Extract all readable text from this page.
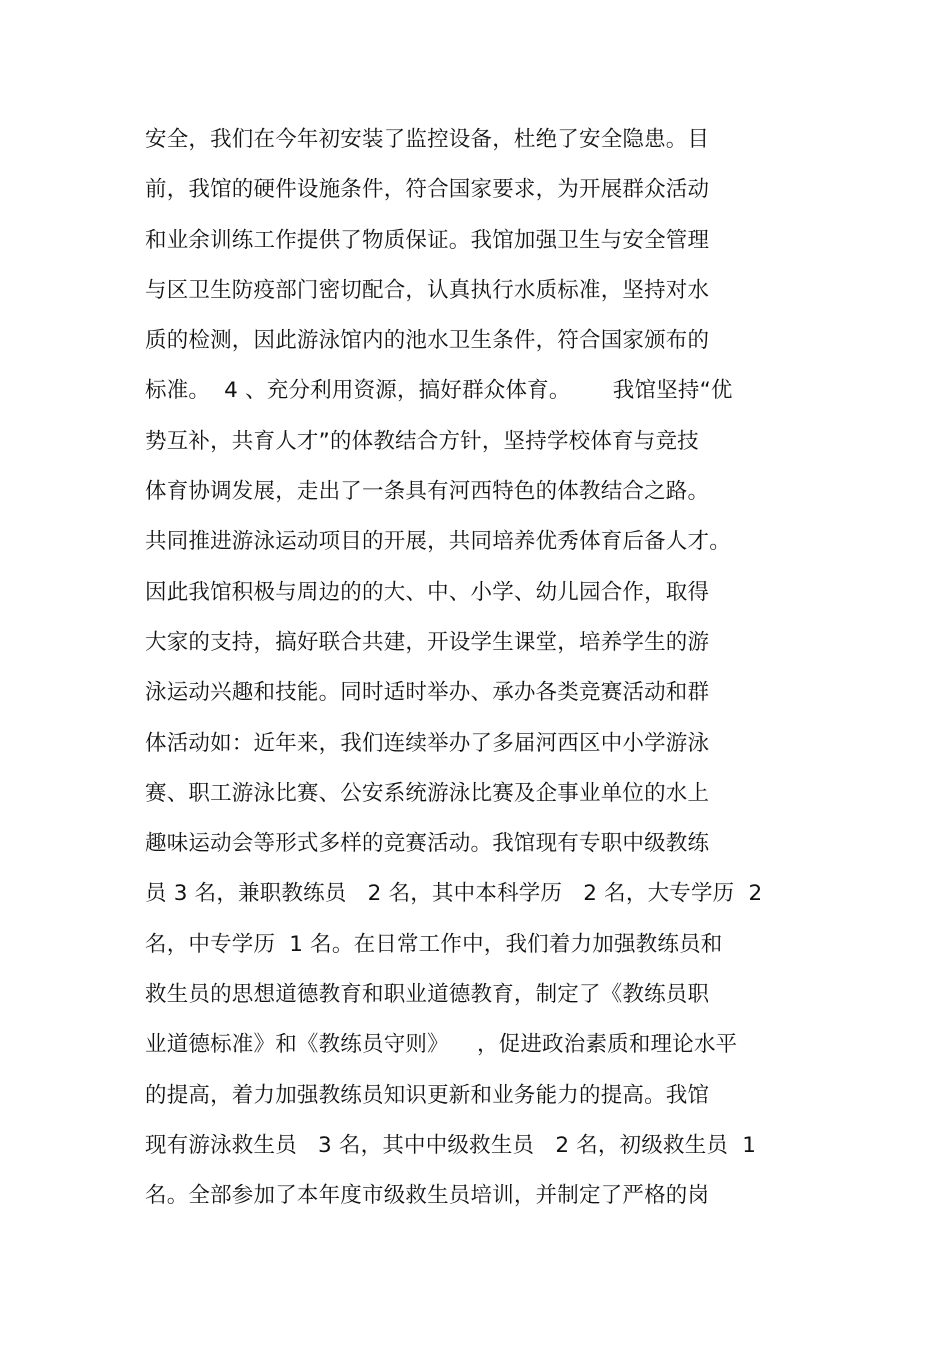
安全，我们在今年初安装了监控设备，杜绝了安全隐患。目
前，我馆的硬件设施条件，符合国家要求，为开展群众活动
和业余训练工作提供了物质保证。我馆加强卫生与安全管理
与区卫生防疫部门密切配合，认真执行水质标准，坚持对水
质的检测，因此游泳馆内的池水卫生条件，符合国家颁布的
标准。  4 、充分利用资源，搞好群众体育。      我馆坚持“优
势互补，共育人才”的体教结合方针，坚持学校体育与竞技
体育协调发展，走出了一条具有河西特色的体教结合之路。
共同推进游泳运动项目的开展，共同培养优秀体育后备人才。
因此我馆积极与周边的的大、中、小学、幼儿园合作，取得
大家的支持，搞好联合共建，开设学生课堂，培养学生的游
泳运动兴趣和技能。同时适时举办、承办各类竞赛活动和群
体活动如：近年来，我们连续举办了多届河西区中小学游泳
赛、职工游泳比赛、公安系统游泳比赛及企事业单位的水上
趣味运动会等形式多样的竞赛活动。我馆现有专职中级教练
员 3 名，兼职教练员   2 名，其中本科学历   2 名，大专学历  2
名，中专学历  1 名。在日常工作中，我们着力加强教练员和
救生员的思想道德教育和职业道德教育，制定了《教练员职
业道德标准》和《教练员守则》    ，促进政治素质和理论水平
的提高，着力加强教练员知识更新和业务能力的提高。我馆
现有游泳救生员   3 名，其中中级救生员   2 名，初级救生员  1
名。全部参加了本年度市级救生员培训，并制定了严格的岗
